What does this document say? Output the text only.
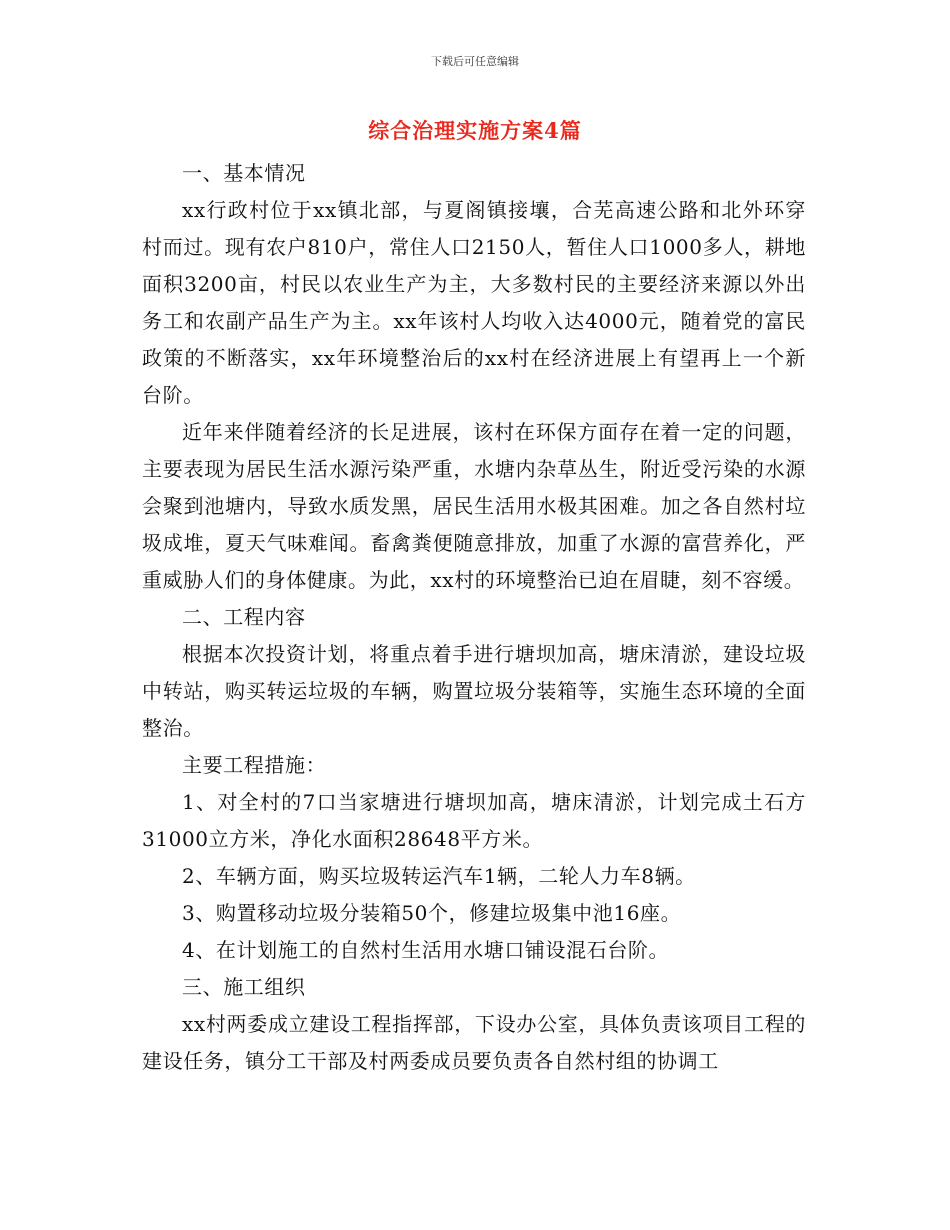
下载后可任意编辑
综合治理实施方案4篇

一、基本情况

xx行政村位于xx镇北部，与夏阁镇接壤，合芜高速公路和北外环穿村而过。现有农户810户，常住人口2150人，暂住人口1000多人，耕地面积3200亩，村民以农业生产为主，大多数村民的主要经济来源以外出务工和农副产品生产为主。xx年该村人均收入达4000元，随着党的富民政策的不断落实，xx年环境整治后的xx村在经济进展上有望再上一个新台阶。

近年来伴随着经济的长足进展，该村在环保方面存在着一定的问题，主要表现为居民生活水源污染严重，水塘内杂草丛生，附近受污染的水源会聚到池塘内，导致水质发黑，居民生活用水极其困难。加之各自然村垃圾成堆，夏天气味难闻。畜禽粪便随意排放，加重了水源的富营养化，严重威胁人们的身体健康。为此，xx村的环境整治已迫在眉睫，刻不容缓。

二、工程内容

根据本次投资计划，将重点着手进行塘坝加高，塘床清淤，建设垃圾中转站，购买转运垃圾的车辆，购置垃圾分装箱等，实施生态环境的全面整治。

主要工程措施：

1、对全村的7口当家塘进行塘坝加高，塘床清淤，计划完成土石方31000立方米，净化水面积28648平方米。

2、车辆方面，购买垃圾转运汽车1辆，二轮人力车8辆。

3、购置移动垃圾分装箱50个，修建垃圾集中池16座。

4、在计划施工的自然村生活用水塘口铺设混石台阶。

三、施工组织

xx村两委成立建设工程指挥部，下设办公室，具体负责该项目工程的建设任务，镇分工干部及村两委成员要负责各自然村组的协调工
